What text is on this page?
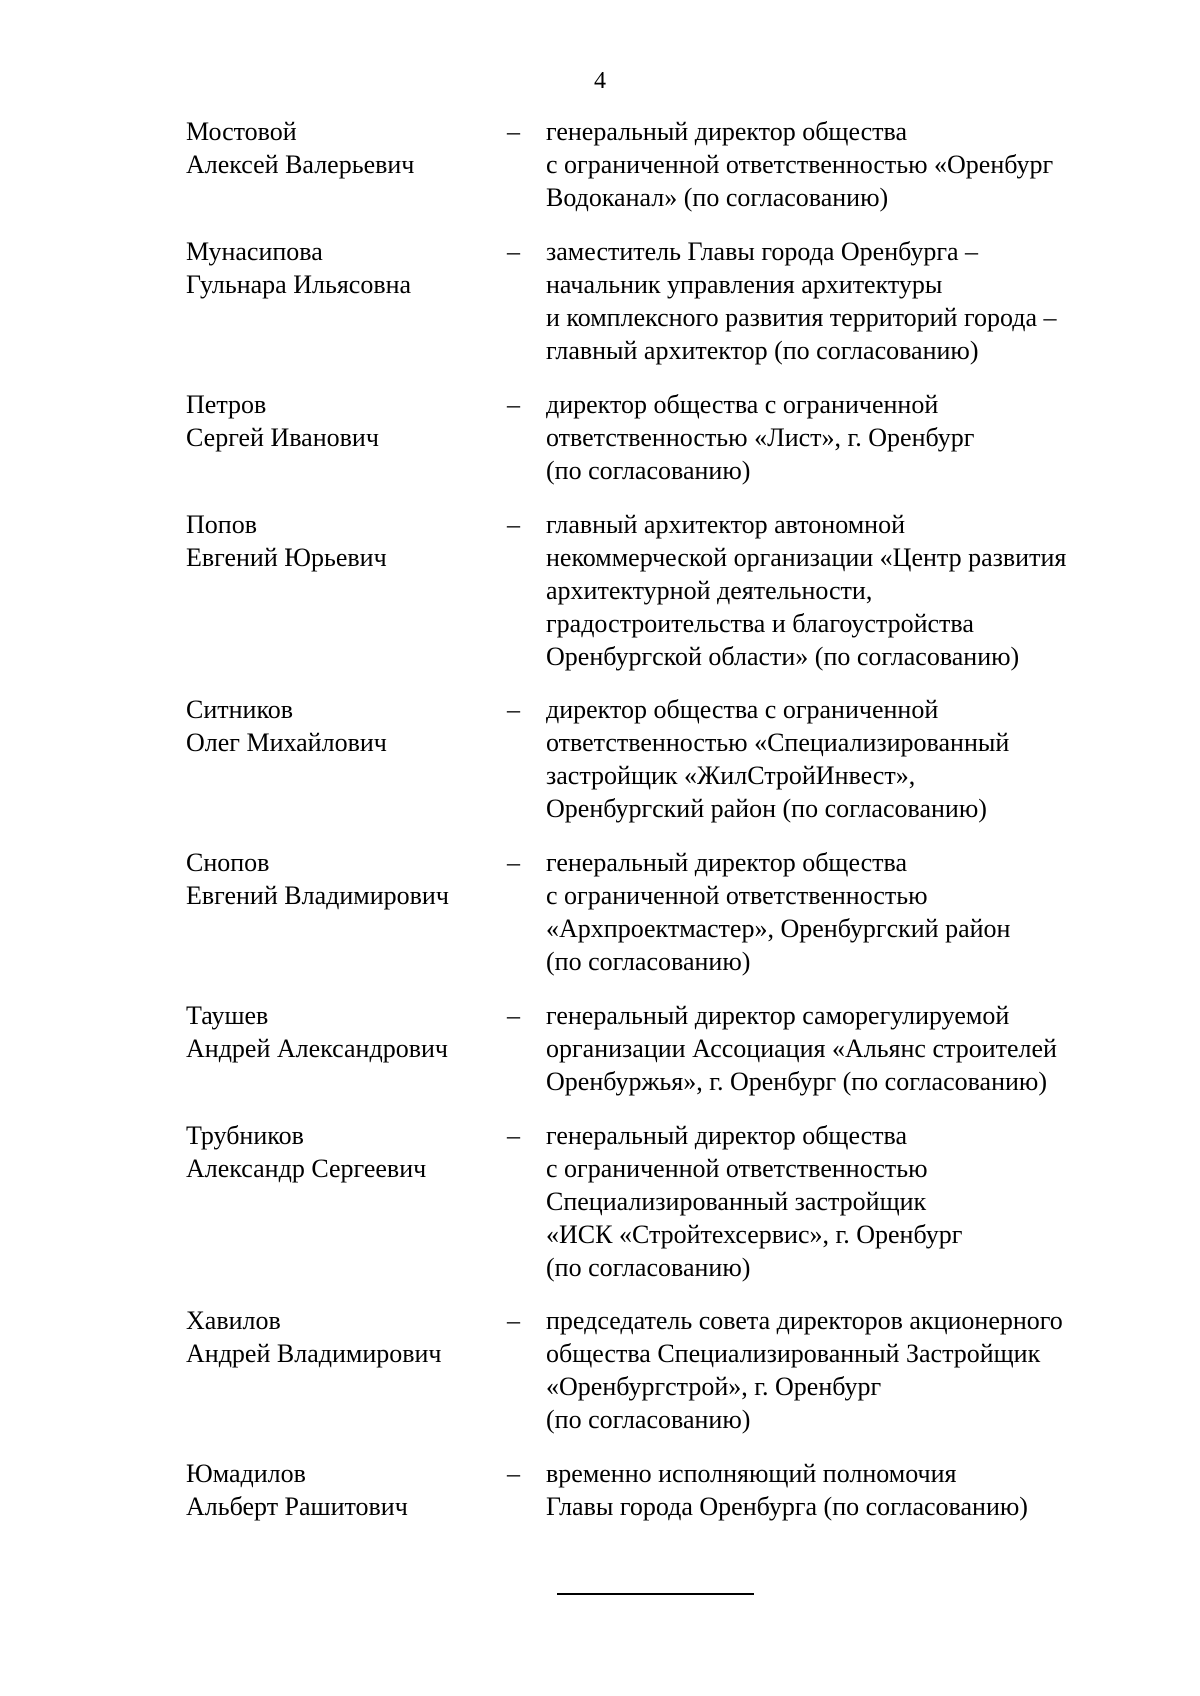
4
Мостовой
Алексей Валерьевич
– генеральный директор общества
с ограниченной ответственностью «Оренбург
Водоканал» (по согласованию)
Мунасипова
Гульнара Ильясовна
– заместитель Главы города Оренбурга –
начальник управления архитектуры
и комплексного развития территорий города –
главный архитектор (по согласованию)
Петров
Сергей Иванович
– директор общества с ограниченной
ответственностью «Лист», г. Оренбург
(по согласованию)
Попов
Евгений Юрьевич
– главный архитектор автономной
некоммерческой организации «Центр развития
архитектурной деятельности,
градостроительства и благоустройства
Оренбургской области» (по согласованию)
Ситников
Олег Михайлович
– директор общества с ограниченной
ответственностью «Специализированный
застройщик «ЖилСтройИнвест»,
Оренбургский район (по согласованию)
Снопов
Евгений Владимирович
– генеральный директор общества
с ограниченной ответственностью
«Архпроектмастер», Оренбургский район
(по согласованию)
Таушев
Андрей Александрович
– генеральный директор саморегулируемой
организации Ассоциация «Альянс строителей
Оренбуржья», г. Оренбург (по согласованию)
Трубников
Александр Сергеевич
– генеральный директор общества
с ограниченной ответственностью
Специализированный застройщик
«ИСК «Стройтехсервис», г. Оренбург
(по согласованию)
Хавилов
Андрей Владимирович
– председатель совета директоров акционерного
общества Специализированный Застройщик
«Оренбургстрой», г. Оренбург
(по согласованию)
Юмадилов
Альберт Рашитович
– временно исполняющий полномочия
Главы города Оренбурга (по согласованию)
